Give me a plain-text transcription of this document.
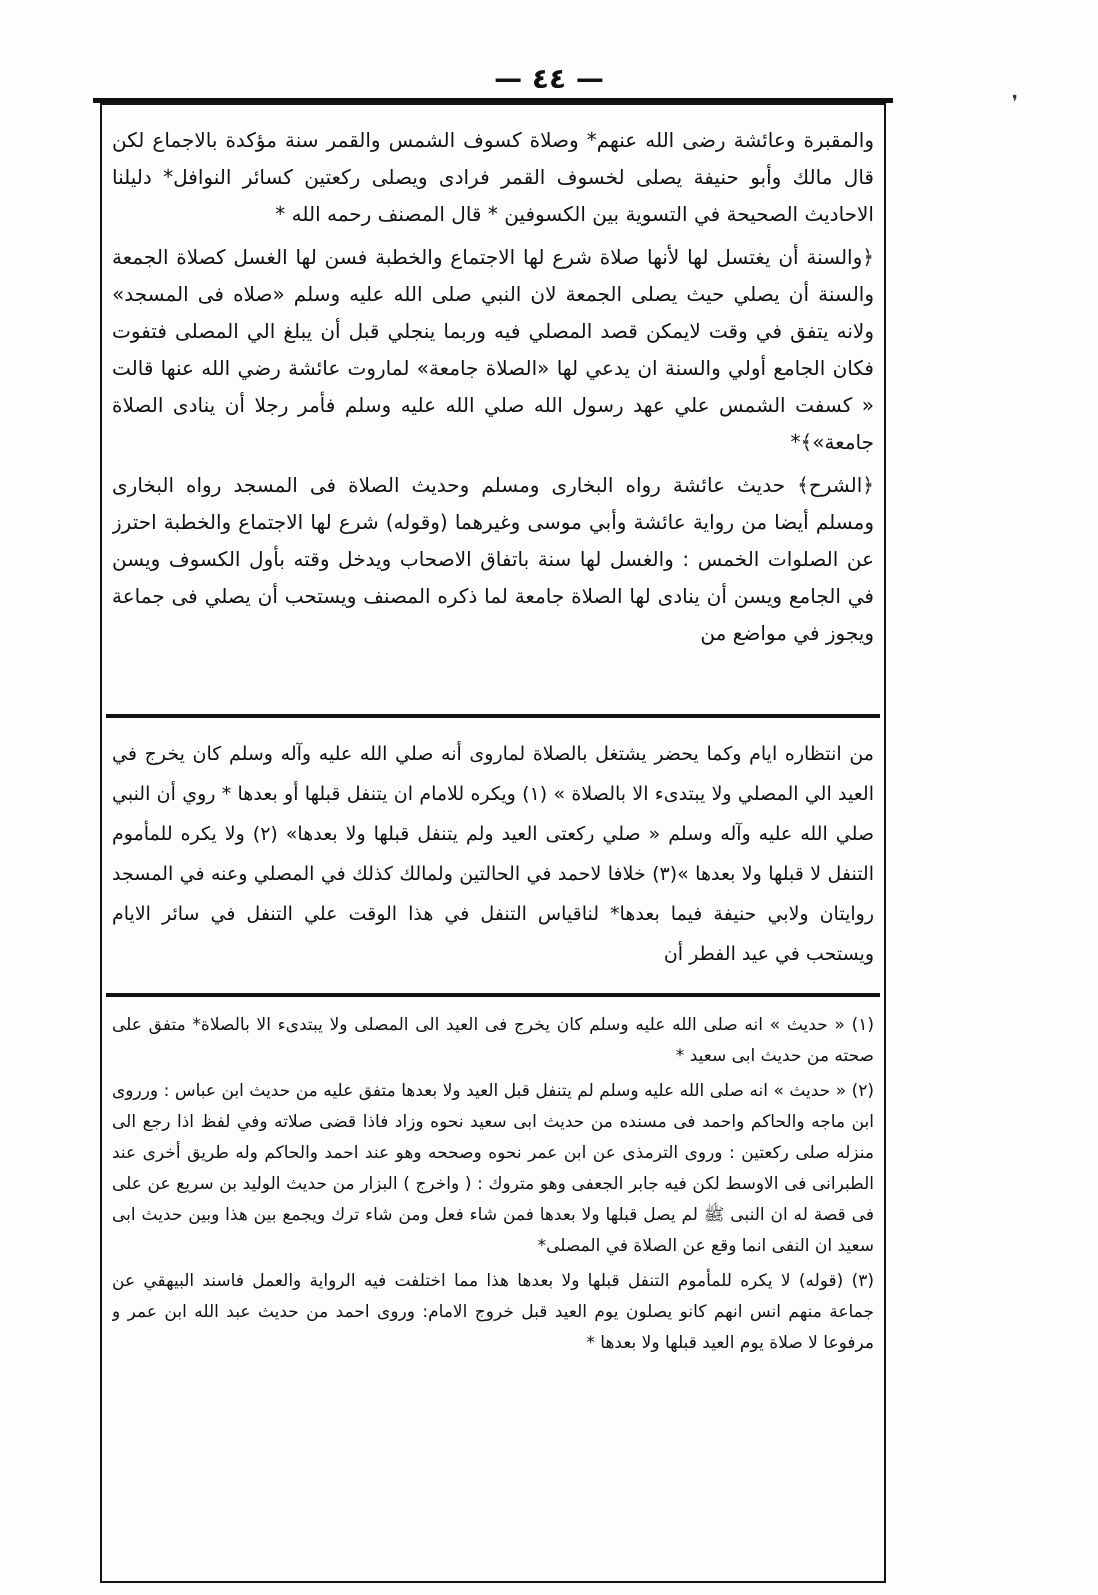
— ٤٤ —
❜

والمقبرة وعائشة رضى الله عنهم* وصلاة كسوف الشمس والقمر سنة مؤكدة بالاجماع لكن قال مالك وأبو حنيفة يصلى لخسوف القمر فرادى ويصلى ركعتين كسائر النوافل* دليلنا الاحاديث الصحيحة في التسوية بين الكسوفين * قال المصنف رحمه الله *

﴿والسنة أن يغتسل لها لأنها صلاة شرع لها الاجتماع والخطبة فسن لها الغسل كصلاة الجمعة والسنة أن يصلي حيث يصلى الجمعة لان النبي صلى الله عليه وسلم «صلاه فى المسجد» ولانه يتفق في وقت لايمكن قصد المصلي فيه وربما ينجلي قبل أن يبلغ الي المصلى فتفوت فكان الجامع أولي والسنة ان يدعي لها «الصلاة جامعة» لماروت عائشة رضي الله عنها قالت « كسفت الشمس علي عهد رسول الله صلي الله عليه وسلم فأمر رجلا أن ينادى الصلاة جامعة»﴾*

﴿الشرح﴾ حديث عائشة رواه البخارى ومسلم وحديث الصلاة فى المسجد رواه البخارى ومسلم أيضا من رواية عائشة وأبي موسى وغيرهما (وقوله) شرع لها الاجتماع والخطبة احترز عن الصلوات الخمس : والغسل لها سنة باتفاق الاصحاب ويدخل وقته بأول الكسوف ويسن في الجامع ويسن أن ينادى لها الصلاة جامعة لما ذكره المصنف ويستحب أن يصلي فى جماعة ويجوز في مواضع من

من انتظاره ايام وكما يحضر يشتغل بالصلاة لماروى أنه صلي الله عليه وآله وسلم كان يخرج في العيد الي المصلي ولا يبتدىء الا بالصلاة » (١) ويكره للامام ان يتنفل قبلها أو بعدها * روي أن النبي صلي الله عليه وآله وسلم « صلي ركعتى العيد ولم يتنفل قبلها ولا بعدها» (٢) ولا يكره للمأموم التنفل لا قبلها ولا بعدها »(٣) خلافا لاحمد في الحالتين ولمالك كذلك في المصلي وعنه في المسجد روايتان ولابي حنيفة فيما بعدها* لناقياس التنفل في هذا الوقت علي التنفل في سائر الايام ويستحب في عيد الفطر أن

(١) « حديث » انه صلى الله عليه وسلم كان يخرج فى العيد الى المصلى ولا يبتدىء الا بالصلاة* متفق على صحته من حديث ابى سعيد *

(٢) « حديث » انه صلى الله عليه وسلم لم يتنفل قبل العيد ولا بعدها متفق عليه من حديث ابن عباس : ورروى ابن ماجه والحاكم واحمد فى مسنده من حديث ابى سعيد نحوه وزاد فاذا قضى صلاته وفي لفظ اذا رجع الى منزله صلى ركعتين : وروى الترمذى عن ابن عمر نحوه وصححه وهو عند احمد والحاكم وله طريق أخرى عند الطبرانى فى الاوسط لكن فيه جابر الجعفى وهو متروك : ( واخرج ) البزار من حديث الوليد بن سريع عن على فى قصة له ان النبى ﷺ لم يصل قبلها ولا بعدها فمن شاء فعل ومن شاء ترك ويجمع بين هذا وبين حديث ابى سعيد ان النفى انما وقع عن الصلاة في المصلى*

(٣) (قوله) لا يكره للمأموم التنفل قبلها ولا بعدها هذا مما اختلفت فيه الرواية والعمل فاسند البيهقي عن جماعة منهم انس انهم كانو يصلون يوم العيد قبل خروج الامام: وروى احمد من حديث عبد الله ابن عمر و مرفوعا لا صلاة يوم العيد قبلها ولا بعدها *
